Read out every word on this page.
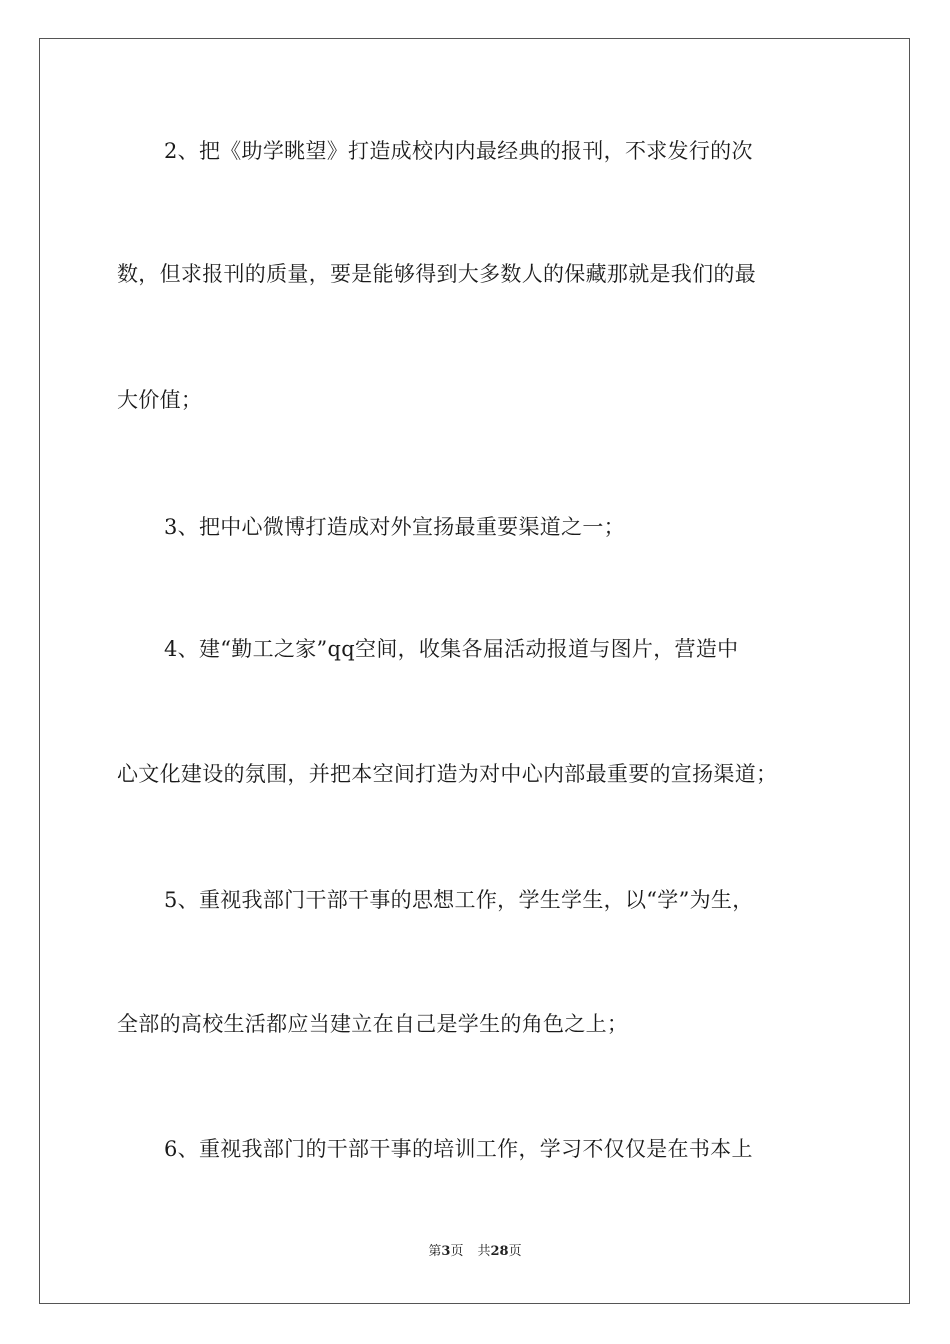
2、把《助学眺望》打造成校内内最经典的报刊，不求发行的次
数，但求报刊的质量，要是能够得到大多数人的保藏那就是我们的最
大价值；
3、把中心微博打造成对外宣扬最重要渠道之一；
4、建“勤工之家”qq空间，收集各届活动报道与图片，营造中
心文化建设的氛围，并把本空间打造为对中心内部最重要的宣扬渠道；
5、重视我部门干部干事的思想工作，学生学生，以“学”为生，
全部的高校生活都应当建立在自己是学生的角色之上；
6、重视我部门的干部干事的培训工作，学习不仅仅是在书本上
第3页 共28页
